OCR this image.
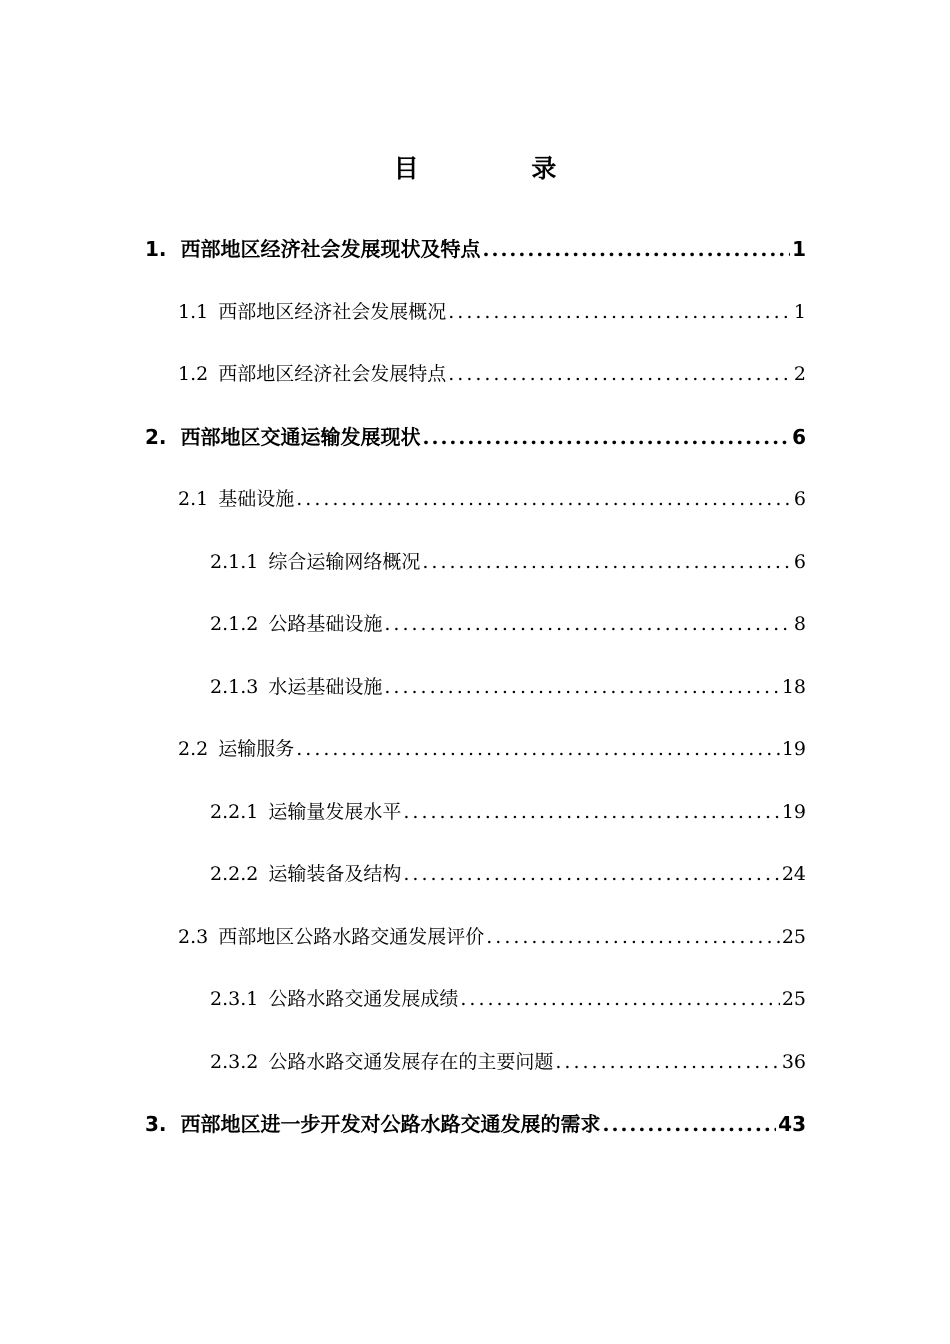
目 录
1. 西部地区经济社会发展现状及特点 .....	1
1.1 西部地区经济社会发展概况 .....	1
1.2 西部地区经济社会发展特点 .....	2
2. 西部地区交通运输发展现状 .....	6
2.1 基础设施 .....	6
2.1.1 综合运输网络概况 .....	6
2.1.2 公路基础设施 .....	8
2.1.3 水运基础设施 .....	18
2.2 运输服务 .....	19
2.2.1 运输量发展水平 .....	19
2.2.2 运输装备及结构 .....	24
2.3 西部地区公路水路交通发展评价 .....	25
2.3.1 公路水路交通发展成绩 .....	25
2.3.2 公路水路交通发展存在的主要问题 .....	36
3. 西部地区进一步开发对公路水路交通发展的需求 .....	43
